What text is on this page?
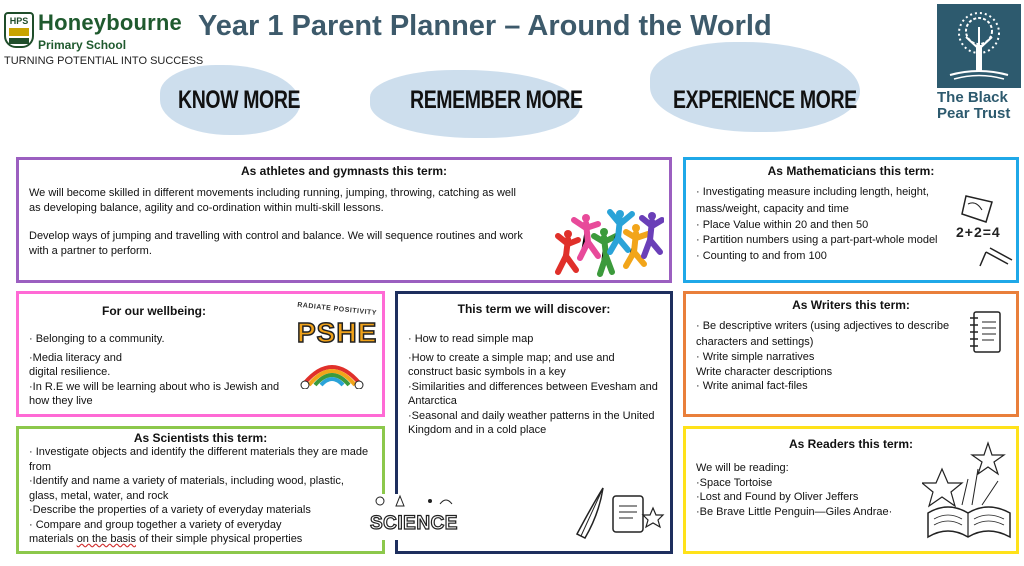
HPS Honeybourne
Primary School
TURNING POTENTIAL INTO SUCCESS
Year 1 Parent Planner – Around the World
KNOW MORE	REMEMBER MORE	EXPERIENCE MORE	The Black
Pear Trust
As athletes and gymnasts this term:

We will become skilled in different movements including running, jumping, throwing, catching as well as developing balance, agility and co-ordination within multi-skill lessons.

Develop ways of jumping and travelling with control and balance. We will sequence routines and work with a partner to perform.

As Mathematicians this term:
· Investigating measure including length, height, mass/weight, capacity and time
· Place Value within 20 and then 50
· Partition numbers using a part-part-whole model
· Counting to and from 100
2+2=4
For our wellbeing:
· Belonging to a community.
·Media literacy and
digital resilience.
·In R.E we will be learning about who is Jewish and how they live
RADIATE POSITIVITY
PSHE
This term we will discover:
· How to read simple map
·How to create a simple map; and use and construct basic symbols in a key
·Similarities and differences between Evesham and Antarctica
·Seasonal and daily weather patterns in the United Kingdom and in a cold place
As Writers this term:
· Be descriptive writers (using adjectives to describe characters and settings)
· Write simple narratives
Write character descriptions
· Write animal fact-files
As Scientists this term:
· Investigate objects and identify the different materials they are made from
·Identify and name a variety of materials, including wood, plastic, glass, metal, water, and rock
·Describe the properties of a variety of everyday materials
· Compare and group together a variety of everyday
materials on the basis of their simple physical properties
SCIENCE
As Readers this term:

We will be reading:

·Space Tortoise
·Lost and Found by Oliver Jeffers
·Be Brave Little Penguin—Giles Andrae·
